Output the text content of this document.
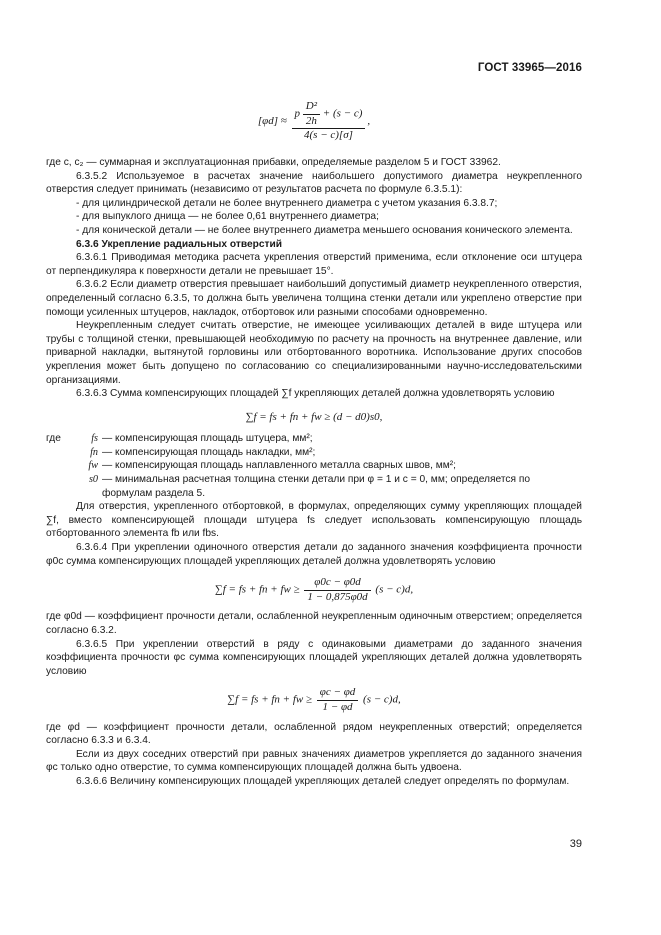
ГОСТ 33965—2016
$[\varphi d] \approx \frac{p \frac{\text{D²}}{2h} + (s - c)}{4(s - c)[\sigma]}$ ,

где c, c₂ — суммарная и эксплуатационная прибавки, определяемые разделом 5 и ГОСТ 33962.

6.3.5.2 Используемое в расчетах значение наибольшего допустимого диаметра неукрепленного отверстия следует принимать (независимо от результатов расчета по формуле 6.3.5.1):

- для цилиндрической детали не более внутреннего диаметра с учетом указания 6.3.8.7;

- для выпуклого днища — не более 0,61 внутреннего диаметра;

- для конической детали — не более внутреннего диаметра меньшего основания конического элемента.

6.3.6 Укрепление радиальных отверстий

6.3.6.1 Приводимая методика расчета укрепления отверстий применима, если отклонение оси штуцера от перпендикуляра к поверхности детали не превышает 15°.

6.3.6.2 Если диаметр отверстия превышает наибольший допустимый диаметр неукрепленного отверстия, определенный согласно 6.3.5, то должна быть увеличена толщина стенки детали или укреплено отверстие при помощи усиленных штуцеров, накладок, отбортовок или разными способами одновременно.

Неукрепленным следует считать отверстие, не имеющее усиливающих деталей в виде штуцера или трубы с толщиной стенки, превышающей необходимую по расчету на прочность на внутреннее давление, или приварной накладки, вытянутой горловины или отбортованного воротника. Использование других способов укрепления может быть допущено по согласованию со специализированными научно-исследовательскими организациями.

6.3.6.3 Сумма компенсирующих площадей ∑f укрепляющих деталей должна удовлетворять условию

∑f = fs + fn + fw ≥ (d − d0)s0,
где	fs	— компенсирующая площадь штуцера, мм²;
	fn	— компенсирующая площадь накладки, мм²;
	fw	— компенсирующая площадь наплавленного металла сварных швов, мм²;
	s0	— минимальная расчетная толщина стенки детали при φ = 1 и c = 0, мм; определяется по формулам раздела 5.

Для отверстия, укрепленного отбортовкой, в формулах, определяющих сумму укрепляющих площадей ∑f, вместо компенсирующей площади штуцера fs следует использовать компенсирующую площадь отбортованного элемента fb или fbs.

6.3.6.4 При укреплении одиночного отверстия детали до заданного значения коэффициента прочности φ0c сумма компенсирующих площадей укрепляющих деталей должна удовлетворять условию

∑f = fs + fn + fw ≥ $\frac{\varphi 0c - \varphi 0d}{1 - 0,875\varphi 0d} (s - c)d$,

где φ0d — коэффициент прочности детали, ослабленной неукрепленным одиночным отверстием; определяется согласно 6.3.2.

6.3.6.5 При укреплении отверстий в ряду с одинаковыми диаметрами до заданного значения коэффициента прочности φc сумма компенсирующих площадей укрепляющих деталей должна удовлетворять условию

∑f = fs + fn + fw ≥ $\frac{\varphi c - \varphi d}{1 - \varphi d} (s - c)d$,

где φd — коэффициент прочности детали, ослабленной рядом неукрепленных отверстий; определяется согласно 6.3.3 и 6.3.4.

Если из двух соседних отверстий при равных значениях диаметров укрепляется до заданного значения φc только одно отверстие, то сумма компенсирующих площадей должна быть удвоена.

6.3.6.6 Величину компенсирующих площадей укрепляющих деталей следует определять по формулам.

39
